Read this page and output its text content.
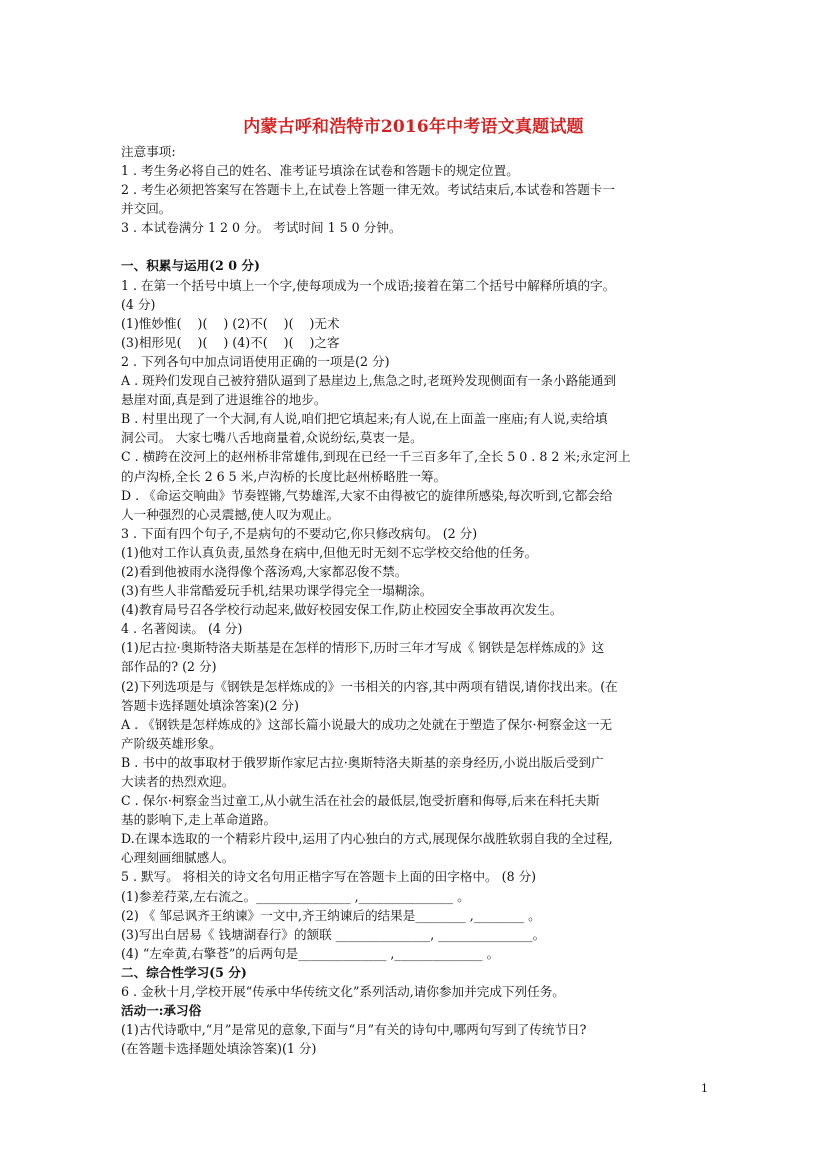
内蒙古呼和浩特市2016年中考语文真题试题
注意事项:
1 . 考生务必将自己的姓名、准考证号填涂在试卷和答题卡的规定位置。
2 . 考生必须把答案写在答题卡上,在试卷上答题一律无效。考试结束后,本试卷和答题卡一
并交回。
3 . 本试卷满分 1 2 0 分。 考试时间 1 5 0 分钟。
一、积累与运用(2 0 分)
1 . 在第一个括号中填上一个字,使每项成为一个成语;接着在第二个括号中解释所填的字。
(4 分)
(1)惟妙惟(    )(    ) (2)不(    )(    )无术
(3)相形见(    )(    ) (4)不(    )(    )之客
2 . 下列各句中加点词语使用正确的一项是(2 分)
A . 斑羚们发现自己被狩猎队逼到了悬崖边上,焦急之时,老斑羚发现侧面有一条小路能通到
悬崖对面,真是到了进退维谷的地步。
B . 村里出现了一个大洞,有人说,咱们把它填起来;有人说,在上面盖一座庙;有人说,卖给填
洞公司。 大家七嘴八舌地商量着,众说纷纭,莫衷一是。
C . 横跨在洨河上的赵州桥非常雄伟,到现在已经一千三百多年了,全长 5 0 . 8 2 米;永定河上
的卢沟桥,全长 2 6 5 米,卢沟桥的长度比赵州桥略胜一筹。
D . 《命运交响曲》节奏铿锵,气势雄浑,大家不由得被它的旋律所感染,每次听到,它都会给
人一种强烈的心灵震撼,使人叹为观止。
3 . 下面有四个句子,不是病句的不要动它,你只修改病句。 (2 分)
(1)他对工作认真负责,虽然身在病中,但他无时无刻不忘学校交给他的任务。
(2)看到他被雨水浇得像个落汤鸡,大家都忍俊不禁。
(3)有些人非常酷爱玩手机,结果功课学得完全一塌糊涂。
(4)教育局号召各学校行动起来,做好校园安保工作,防止校园安全事故再次发生。
4 . 名著阅读。 (4 分)
(1)尼古拉·奥斯特洛夫斯基是在怎样的情形下,历时三年才写成《 钢铁是怎样炼成的》这
部作品的? (2 分)
(2)下列选项是与《钢铁是怎样炼成的》一书相关的内容,其中两项有错误,请你找出来。(在
答题卡选择题处填涂答案)(2 分)
A . 《钢铁是怎样炼成的》这部长篇小说最大的成功之处就在于塑造了保尔·柯察金这一无
产阶级英雄形象。
B . 书中的故事取材于俄罗斯作家尼古拉·奥斯特洛夫斯基的亲身经历,小说出版后受到广
大读者的热烈欢迎。
C . 保尔·柯察金当过童工,从小就生活在社会的最低层,饱受折磨和侮辱,后来在科托夫斯
基的影响下,走上革命道路。
D.在课本选取的一个精彩片段中,运用了内心独白的方式,展现保尔战胜软弱自我的全过程,
心理刻画细腻感人。
5 . 默写。 将相关的诗文名句用正楷字写在答题卡上面的田字格中。 (8 分)
(1)参差荇菜,左右流之。_______________ ,_______________ 。
(2) 《 邹忌讽齐王纳谏》一文中,齐王纳谏后的结果是________ ,________ 。
(3)写出白居易《 钱塘湖春行》的颔联 _______________, _______________。
(4) “左牵黄,右擎苍”的后两句是______________ ,______________ 。
二、综合性学习(5 分)
6 . 金秋十月,学校开展“传承中华传统文化”系列活动,请你参加并完成下列任务。
活动一:承习俗
(1)古代诗歌中,“月”是常见的意象,下面与“月”有关的诗句中,哪两句写到了传统节日?
(在答题卡选择题处填涂答案)(1 分)
1
